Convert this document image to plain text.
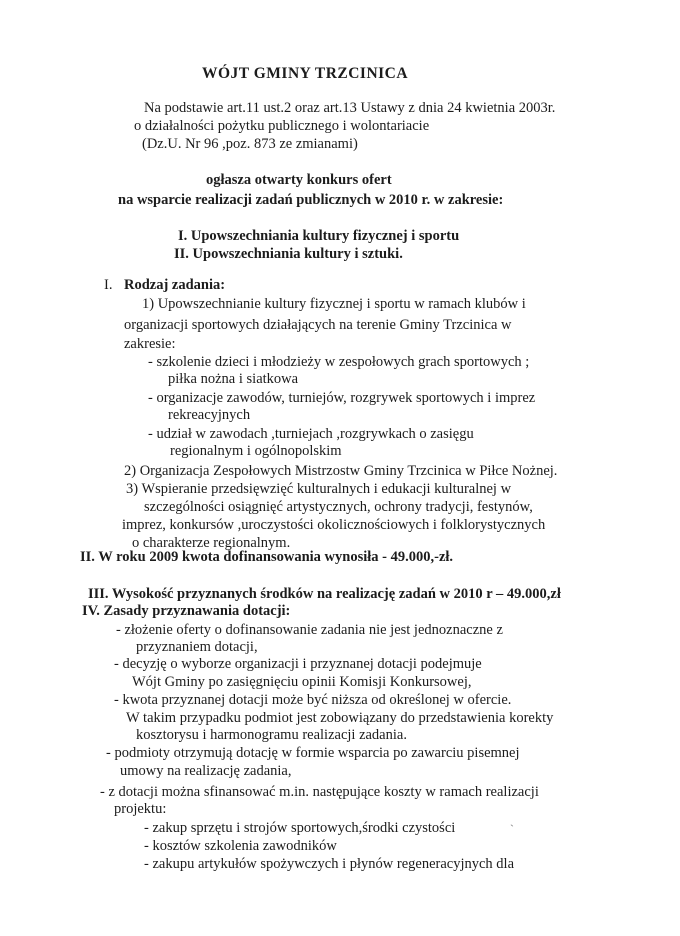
WÓJT GMINY TRZCINICA
Na podstawie art.11 ust.2 oraz art.13 Ustawy z dnia 24 kwietnia 2003r.
o działalności pożytku publicznego i wolontariacie
(Dz.U. Nr 96 ,poz. 873 ze zmianami)
ogłasza otwarty konkurs ofert
na wsparcie realizacji zadań publicznych w 2010 r. w zakresie:
I. Upowszechniania kultury fizycznej i sportu
II. Upowszechniania kultury i sztuki.
I. Rodzaj zadania:
1) Upowszechnianie kultury fizycznej i sportu w ramach klubów i
organizacji sportowych działających na terenie Gminy Trzcinica w
zakresie:
- szkolenie dzieci i młodzieży w zespołowych grach sportowych ;
piłka nożna i siatkowa
- organizacje zawodów, turniejów, rozgrywek sportowych i imprez
rekreacyjnych
- udział w zawodach ,turniejach ,rozgrywkach o zasięgu
regionalnym i ogólnopolskim
2) Organizacja Zespołowych Mistrzostw Gminy Trzcinica w Piłce Nożnej.
3) Wspieranie przedsięwzięć kulturalnych i edukacji kulturalnej w
szczególności osiągnięć artystycznych, ochrony tradycji, festynów,
imprez, konkursów ,uroczystości okolicznościowych i folklorystycznych
o charakterze regionalnym.
II. W roku 2009 kwota dofinansowania wynosiła - 49.000,-zł.
III. Wysokość przyznanych środków na realizację zadań w 2010 r – 49.000,zł
IV. Zasady przyznawania dotacji:
- złożenie oferty o dofinansowanie zadania nie jest jednoznaczne z
przyznaniem dotacji,
- decyzję o wyborze organizacji i przyznanej dotacji podejmuje
Wójt Gminy po zasięgnięciu opinii Komisji Konkursowej,
- kwota przyznanej dotacji może być niższa od określonej w ofercie.
W takim przypadku podmiot jest zobowiązany do przedstawienia korekty
kosztorysu i harmonogramu realizacji zadania.
- podmioty otrzymują dotację w formie wsparcia po zawarciu pisemnej
umowy na realizację zadania,
- z dotacji można sfinansować m.in. następujące koszty w ramach realizacji
projektu:
- zakup sprzętu i strojów sportowych,środki czystości
- kosztów szkolenia zawodników
- zakupu artykułów spożywczych i płynów regeneracyjnych dla
ˋ
